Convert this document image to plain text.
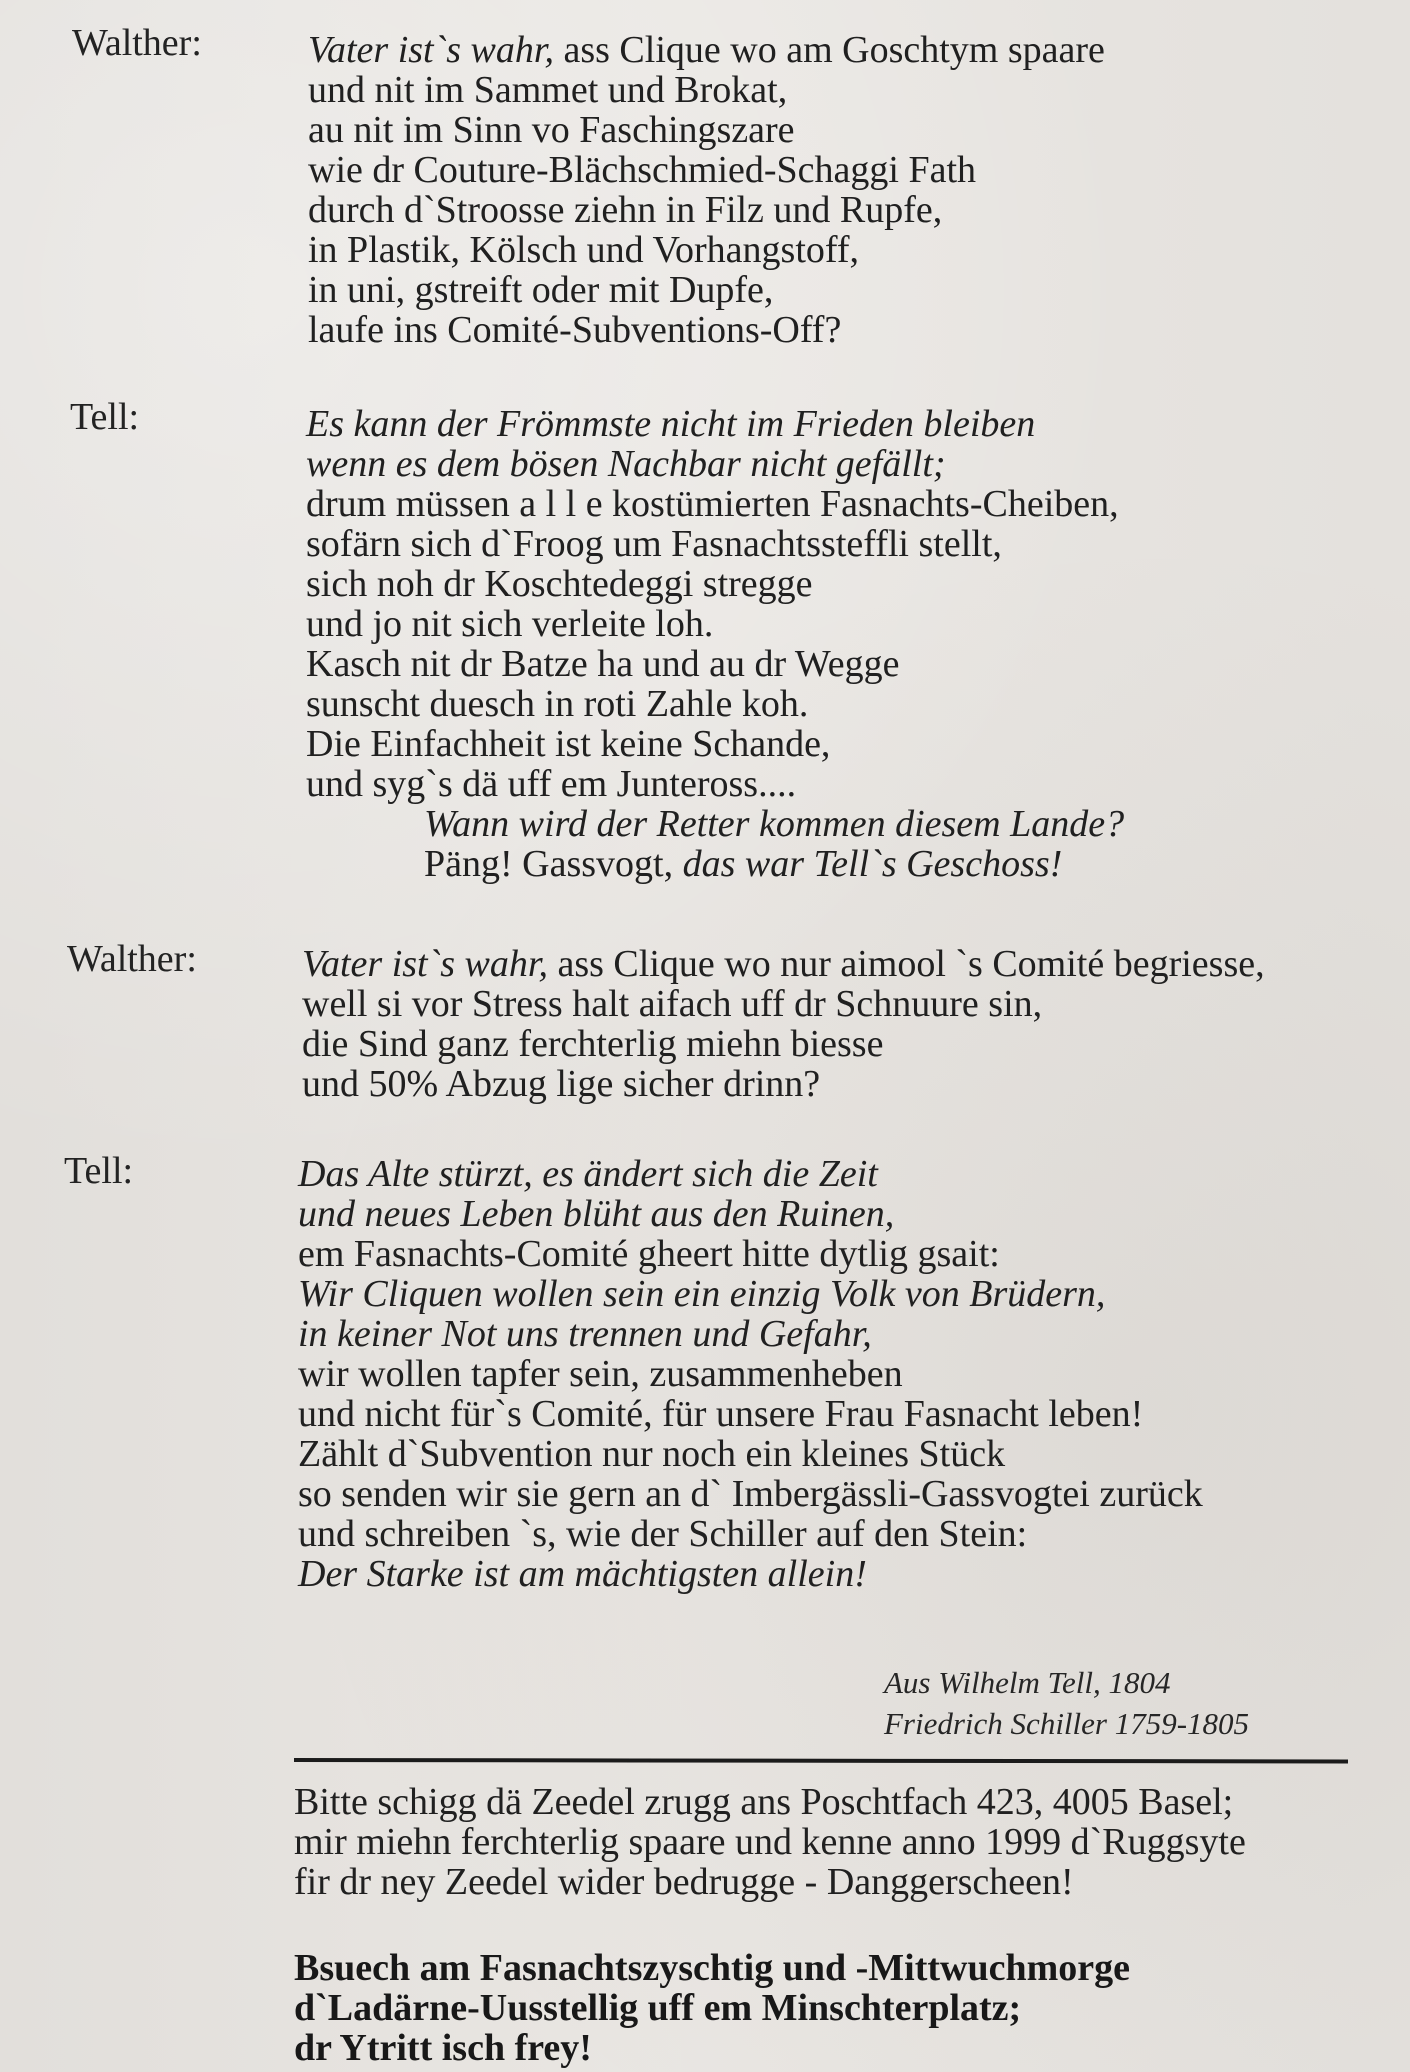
Walther:	Vater ist`s wahr, ass Clique wo am Goschtym spaare
und nit im Sammet und Brokat,
au nit im Sinn vo Faschingszare
wie dr Couture-Blächschmied-Schaggi Fath
durch d`Stroosse ziehn in Filz und Rupfe,
in Plastik, Kölsch und Vorhangstoff,
in uni, gstreift oder mit Dupfe,
laufe ins Comité-Subventions-Off?
Tell:	Es kann der Frömmste nicht im Frieden bleiben
wenn es dem bösen Nachbar nicht gefällt;
drum müssen a l l e kostümierten Fasnachts-Cheiben,
sofärn sich d`Froog um Fasnachtssteffli stellt,
sich noh dr Koschtedeggi stregge
und jo nit sich verleite loh.
Kasch nit dr Batze ha und au dr Wegge
sunscht duesch in roti Zahle koh.
Die Einfachheit ist keine Schande,
und syg`s dä uff em Junteross....
Wann wird der Retter kommen diesem Lande?
Päng! Gassvogt, das war Tell`s Geschoss!
Walther:	Vater ist`s wahr, ass Clique wo nur aimool `s Comité begriesse,
well si vor Stress halt aifach uff dr Schnuure sin,
die Sind ganz ferchterlig miehn biesse
und 50% Abzug lige sicher drinn?
Tell:	Das Alte stürzt, es ändert sich die Zeit
und neues Leben blüht aus den Ruinen,
em Fasnachts-Comité gheert hitte dytlig gsait:
Wir Cliquen wollen sein ein einzig Volk von Brüdern,
in keiner Not uns trennen und Gefahr,
wir wollen tapfer sein, zusammenheben
und nicht für`s Comité, für unsere Frau Fasnacht leben!
Zählt d`Subvention nur noch ein kleines Stück
so senden wir sie gern an d` Imbergässli-Gassvogtei zurück
und schreiben `s, wie der Schiller auf den Stein:
Der Starke ist am mächtigsten allein!
Aus Wilhelm Tell, 1804
Friedrich Schiller 1759-1805
Bitte schigg dä Zeedel zrugg ans Poschtfach 423, 4005 Basel;
mir miehn ferchterlig spaare und kenne anno 1999 d`Ruggsyte
fir dr ney Zeedel wider bedrugge - Danggerscheen!
Bsuech am Fasnachtszyschtig und -Mittwuchmorge
d`Ladärne-Uusstellig uff em Minschterplatz;
dr Ytritt isch frey!
